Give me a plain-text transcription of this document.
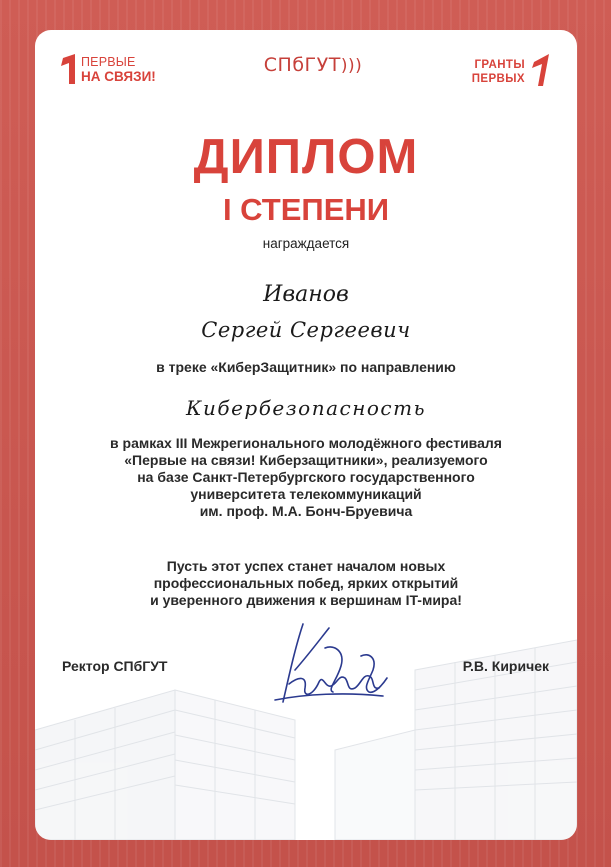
ПЕРВЫЕ
НА СВЯЗИ!
СПбГУТ)))	ГРАНТЫ
ПЕРВЫХ
ДИПЛОМ
I СТЕПЕНИ
награждается
Иванов
Сергей Сергеевич
в треке «КиберЗащитник» по направлению
Кибербезопасность
в рамках III Межрегионального молодёжного фестиваля
«Первые на связи! Киберзащитники», реализуемого
на базе Санкт-Петербургского государственного
университета телекоммуникаций
им. проф. М.А. Бонч-Бруевича
Пусть этот успех станет началом новых
профессиональных побед, ярких открытий
и уверенного движения к вершинам IT-мира!
Ректор СПбГУТ	Р.В. Киричек
